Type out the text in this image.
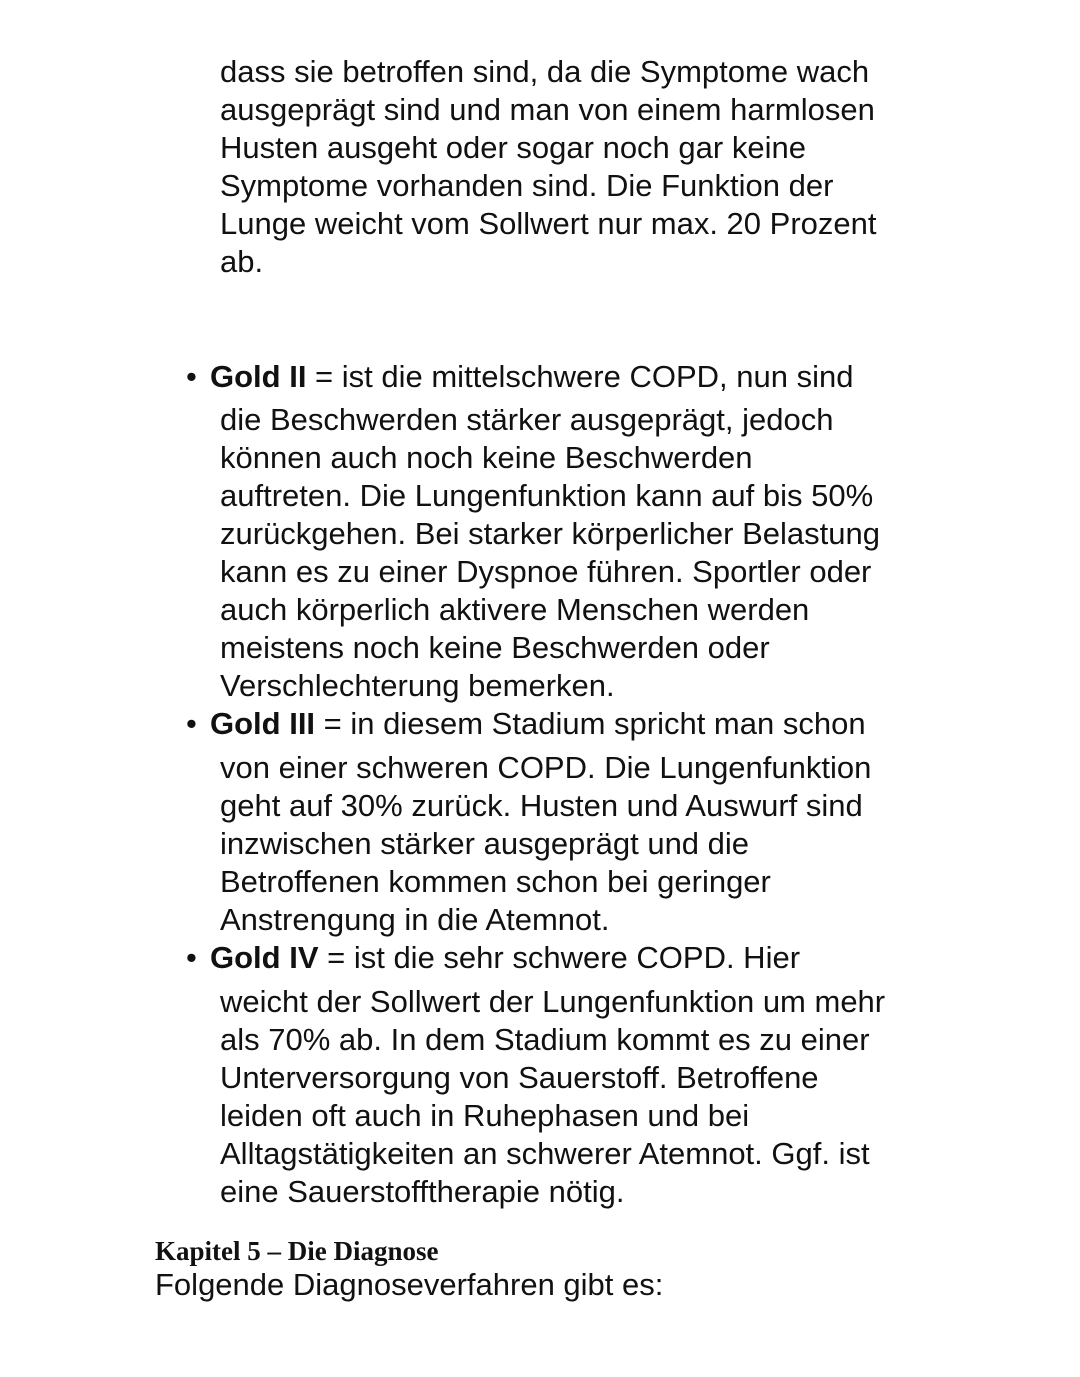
dass sie betroffen sind, da die Symptome wach

ausgeprägt sind und man von einem harmlosen

Husten ausgeht oder sogar noch gar keine

Symptome vorhanden sind. Die Funktion der

Lunge weicht vom Sollwert nur max. 20 Prozent

ab.

• Gold II = ist die mittelschwere COPD, nun sind

die Beschwerden stärker ausgeprägt, jedoch

können auch noch keine Beschwerden

auftreten. Die Lungenfunktion kann auf bis 50%

zurückgehen. Bei starker körperlicher Belastung

kann es zu einer Dyspnoe führen. Sportler oder

auch körperlich aktivere Menschen werden

meistens noch keine Beschwerden oder

Verschlechterung bemerken.

• Gold III = in diesem Stadium spricht man schon

von einer schweren COPD. Die Lungenfunktion

geht auf 30% zurück. Husten und Auswurf sind

inzwischen stärker ausgeprägt und die

Betroffenen kommen schon bei geringer

Anstrengung in die Atemnot.

• Gold IV = ist die sehr schwere COPD. Hier

weicht der Sollwert der Lungenfunktion um mehr

als 70% ab. In dem Stadium kommt es zu einer

Unterversorgung von Sauerstoff. Betroffene

leiden oft auch in Ruhephasen und bei

Alltagstätigkeiten an schwerer Atemnot. Ggf. ist

eine Sauerstofftherapie nötig.

Kapitel 5 – Die Diagnose

Folgende Diagnoseverfahren gibt es:
